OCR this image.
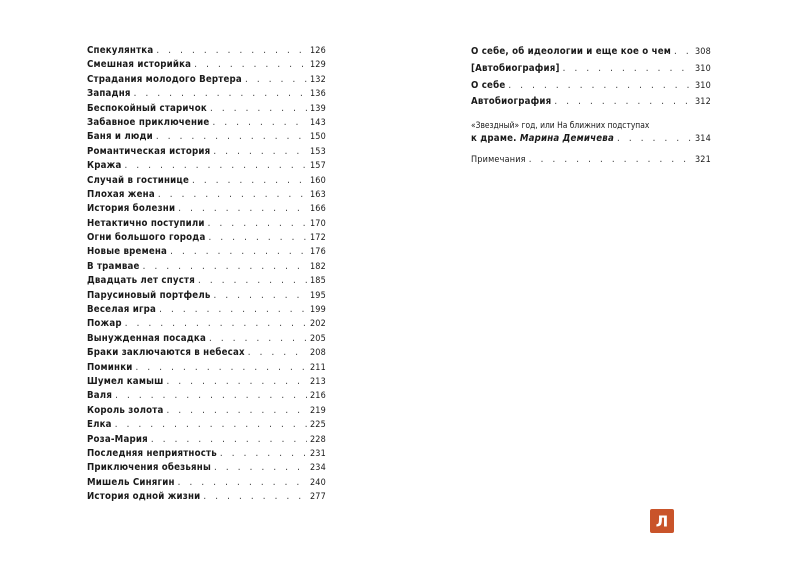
Спекулянтка . . .	126
Смешная историйка . . .	129
Страдания молодого Вертера . . .	132
Западня . . .	136
Беспокойный старичок . . .	139
Забавное приключение . . .	143
Баня и люди . . .	150
Романтическая история . . .	153
Кража . . .	157
Случай в гостинице . . .	160
Плохая жена . . .	163
История болезни . . .	166
Нетактично поступили . . .	170
Огни большого города . . .	172
Новые времена . . .	176
В трамвае . . .	182
Двадцать лет спустя . . .	185
Парусиновый портфель . . .	195
Веселая игра . . .	199
Пожар . . .	202
Вынужденная посадка . . .	205
Браки заключаются в небесах . . .	208
Поминки . . .	211
Шумел камыш . . .	213
Валя . . .	216
Король золота . . .	219
Елка . . .	225
Роза-Мария . . .	228
Последняя неприятность . . .	231
Приключения обезьяны . . .	234
Мишель Синягин . . .	240
История одной жизни . . .	277
О себе, об идеологии и еще кое о чем . . .	308
[Автобиография] . . .	310
О себе . . .	310
Автобиография . . .	312
«Звездный» год, или На ближних подступах
к драме. Марина Демичева . . .	314
Примечания . . .	321
Л
